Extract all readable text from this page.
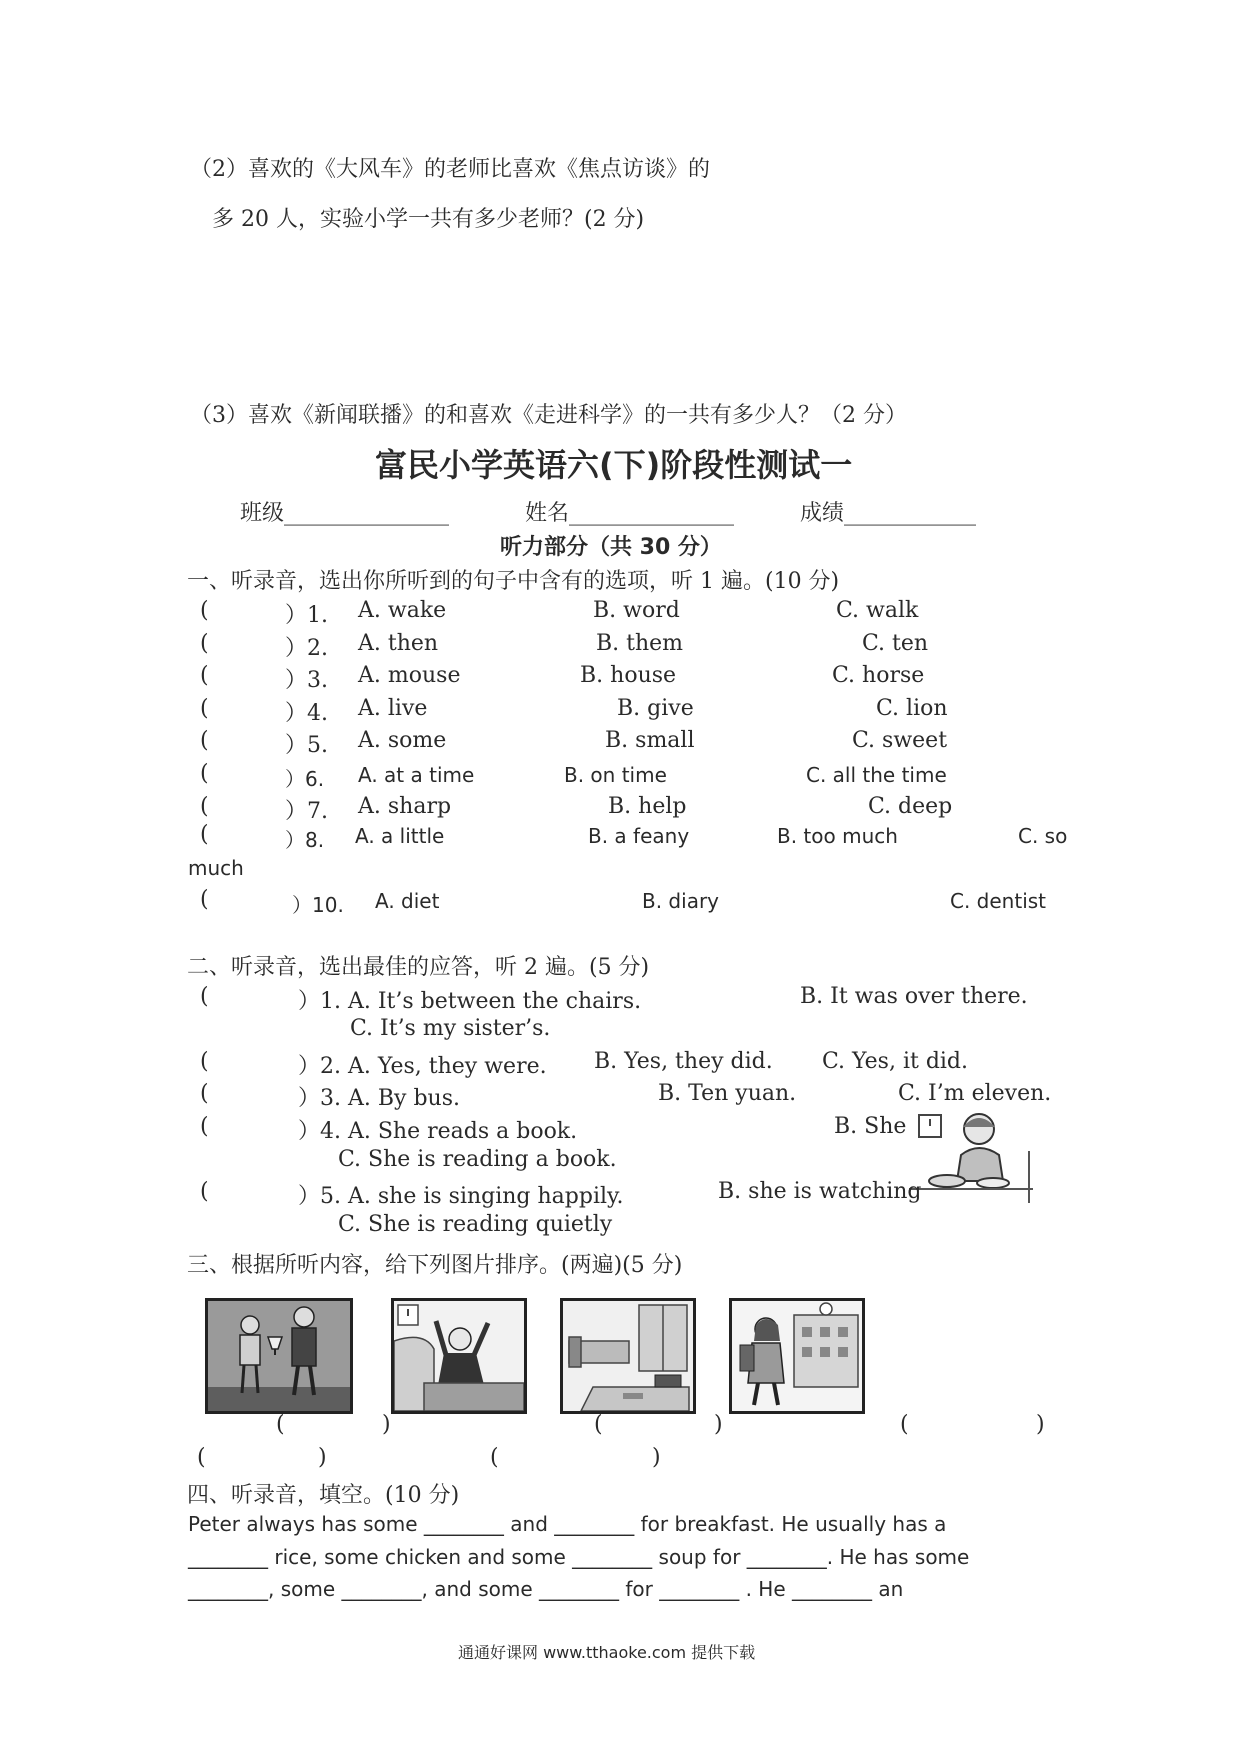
（2）喜欢的《大风车》的老师比喜欢《焦点访谈》的
多 20 人，实验小学一共有多少老师？(2 分)
（3）喜欢《新闻联播》的和喜欢《走进科学》的一共有多少人？（2 分）
富民小学英语六(下)阶段性测试一
班级_______________	姓名_______________	成绩____________
听力部分（共 30 分）
一、听录音，选出你所听到的句子中含有的选项，听 1 遍。(10 分)
(	）1. A. wake	B. word	C. walk
(	）2. A. then	B. them	C. ten
(	）3. A. mouse	B. house	C. horse
(	）4. A. live	B. give	C. lion
(	）5. A. some	B. small	C. sweet
(	）6. A. at a time	B. on time	C. all the time
(	）7. A. sharp	B. help	C. deep
(	）8. A. a little	B. a feany	B. too much	C. so
much
(	）10. A. diet	B. diary	C. dentist
二、听录音，选出最佳的应答，听 2 遍。(5 分)
(	）1. A. It’s between the chairs.	B. It was over there.
C. It’s my sister’s.
(	）2. A. Yes, they were. B. Yes, they did. C. Yes, it did.
(	）3. A. By bus.	B. Ten yuan.	C. I’m eleven.
(	）4. A. She reads a book.	B. She
C. She is reading a book.
(	）5. A. she is singing happily.	B. she is watching
C. She is reading quietly
三、根据所听内容，给下列图片排序。(两遍)(5 分)
(	)	(	)	(	)
(	)	(	)
四、听录音，填空。(10 分)
Peter always has some ________ and ________ for breakfast. He usually has a
________ rice, some chicken and some ________ soup for ________. He has some
________, some ________, and some ________ for ________ . He ________ an
通通好课网 www.tthaoke.com 提供下载
